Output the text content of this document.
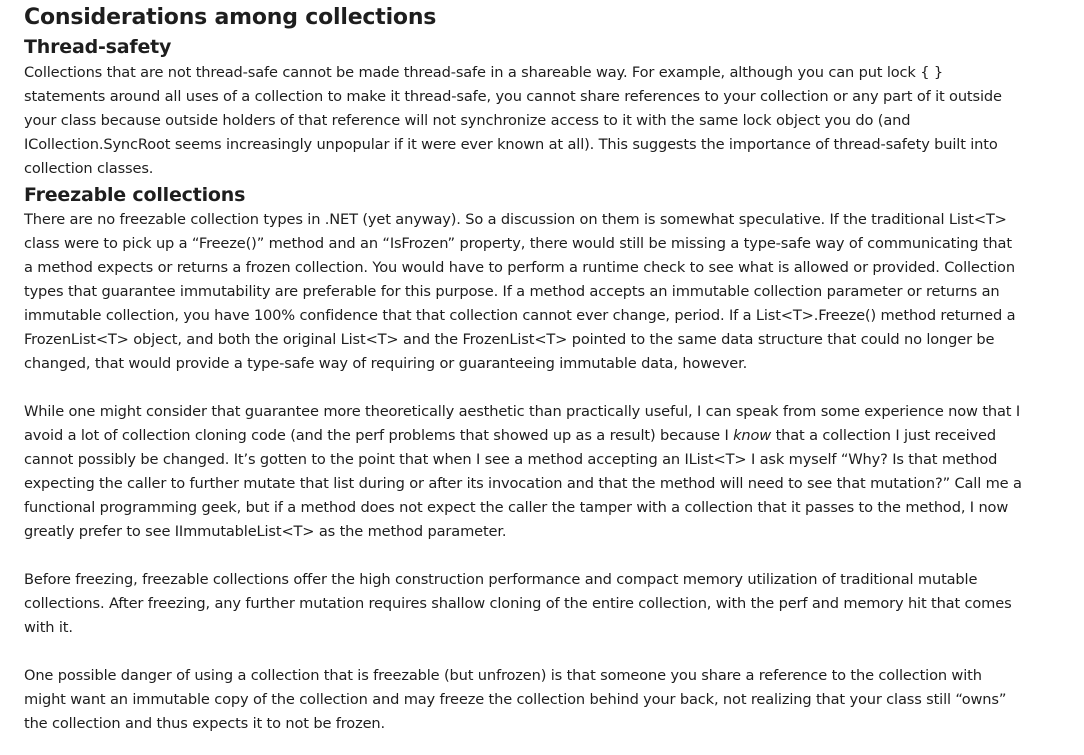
Considerations among collections
Thread-safety

Collections that are not thread-safe cannot be made thread-safe in a shareable way. For example, although you can put lock { } statements around all uses of a collection to make it thread-safe, you cannot share references to your collection or any part of it outside your class because outside holders of that reference will not synchronize access to it with the same lock object you do (and ICollection.SyncRoot seems increasingly unpopular if it were ever known at all). This suggests the importance of thread-safety built into collection classes.

Freezable collections

There are no freezable collection types in .NET (yet anyway). So a discussion on them is somewhat speculative. If the traditional List<T> class were to pick up a “Freeze()” method and an “IsFrozen” property, there would still be missing a type-safe way of communicating that a method expects or returns a frozen collection. You would have to perform a runtime check to see what is allowed or provided. Collection types that guarantee immutability are preferable for this purpose. If a method accepts an immutable collection parameter or returns an immutable collection, you have 100% confidence that that collection cannot ever change, period. If a List<T>.Freeze() method returned a FrozenList<T> object, and both the original List<T> and the FrozenList<T> pointed to the same data structure that could no longer be changed, that would provide a type-safe way of requiring or guaranteeing immutable data, however.

While one might consider that guarantee more theoretically aesthetic than practically useful, I can speak from some experience now that I avoid a lot of collection cloning code (and the perf problems that showed up as a result) because I know that a collection I just received cannot possibly be changed. It’s gotten to the point that when I see a method accepting an IList<T> I ask myself “Why? Is that method expecting the caller to further mutate that list during or after its invocation and that the method will need to see that mutation?” Call me a functional programming geek, but if a method does not expect the caller the tamper with a collection that it passes to the method, I now greatly prefer to see IImmutableList<T> as the method parameter.

Before freezing, freezable collections offer the high construction performance and compact memory utilization of traditional mutable collections. After freezing, any further mutation requires shallow cloning of the entire collection, with the perf and memory hit that comes with it.

One possible danger of using a collection that is freezable (but unfrozen) is that someone you share a reference to the collection with might want an immutable copy of the collection and may freeze the collection behind your back, not realizing that your class still “owns” the collection and thus expects it to not be frozen.
